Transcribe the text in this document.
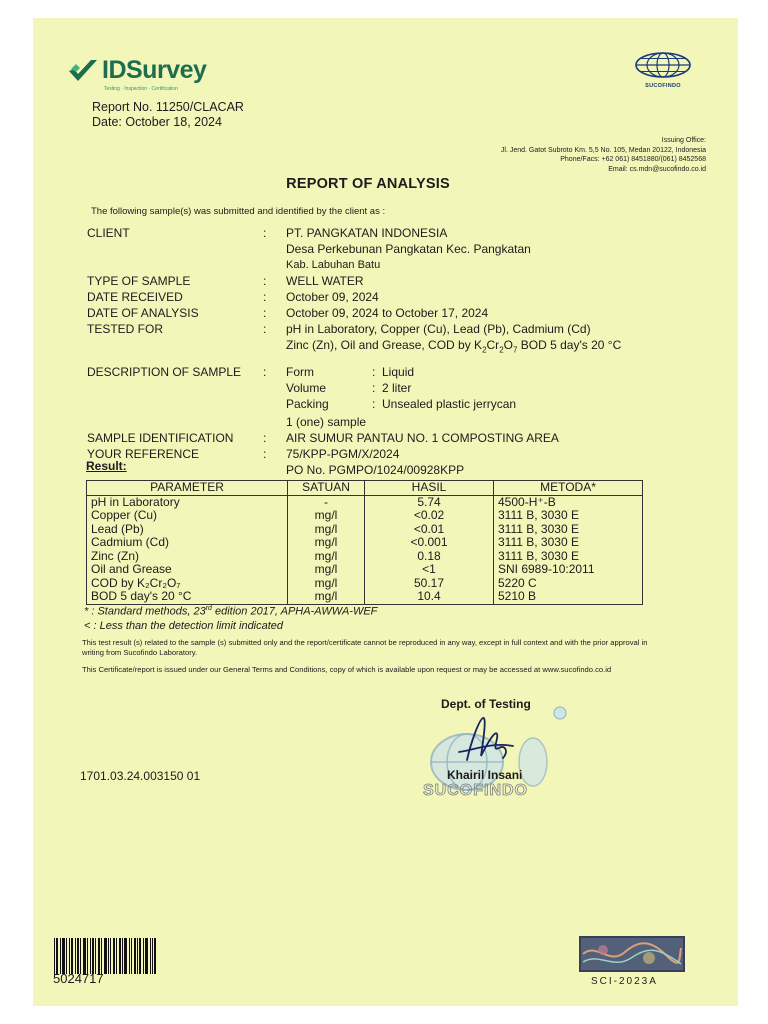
IDSurvey
Testing · Inspection · Certification	SUCOFINDO
Report No. 11250/CLACAR
Date: October 18, 2024
Issuing Office:
Jl. Jend. Gatot Subroto Km. 5,5 No. 105, Medan 20122, Indonesia
Phone/Facs: +62 061) 8451880/(061) 8452568
Email: cs.mdn@sucofindo.co.id
REPORT OF ANALYSIS
The following sample(s) was submitted and identified by the client as :
CLIENT	:	PT. PANGKATAN INDONESIA
Desa Perkebunan Pangkatan Kec. Pangkatan
Kab. Labuhan Batu
TYPE OF SAMPLE	:	WELL WATER
DATE RECEIVED	:	October 09, 2024
DATE OF ANALYSIS	:	October 09, 2024 to October 17, 2024
TESTED FOR	:	pH in Laboratory, Copper (Cu), Lead (Pb), Cadmium (Cd)
Zinc (Zn), Oil and Grease, COD by $K_2Cr_2O_7$ BOD 5 day's 20 °C
DESCRIPTION OF SAMPLE	:	Form	: Liquid
Volume	: 2 liter
Packing	: Unsealed plastic jerrycan
1 (one) sample
SAMPLE IDENTIFICATION	:	AIR SUMUR PANTAU NO. 1 COMPOSTING AREA
YOUR REFERENCE	:	75/KPP-PGM/X/2024
PO No. PGMPO/1024/00928KPP
Result:
PARAMETER	SATUAN	HASIL	METODA*
pH in Laboratory	-	5.74	4500-H⁺-B
Copper (Cu)	mg/l	<0.02	3111 B, 3030 E
Lead (Pb)	mg/l	<0.01	3111 B, 3030 E
Cadmium (Cd)	mg/l	<0.001	3111 B, 3030 E
Zinc (Zn)	mg/l	0.18	3111 B, 3030 E
Oil and Grease	mg/l	<1	SNI 6989-10:2011
COD by K₂Cr₂O₇	mg/l	50.17	5220 C
BOD 5 day's 20 °C	mg/l	10.4	5210 B
* : Standard methods, 23rd edition 2017, APHA-AWWA-WEF
< : Less than the detection limit indicated
This test result (s) related to the sample (s) submitted only and the report/certificate cannot be reproduced in any way, except in full context and with the prior approval in writing from Sucofindo Laboratory.
This Certificate/report is issued under our General Terms and Conditions, copy of which is available upon request or may be accessed at www.sucofindo.co.id
Dept. of Testing
Khairil Insani
SUCOFINDO
1701.03.24.003150 01
5024717	SCI-2023A
